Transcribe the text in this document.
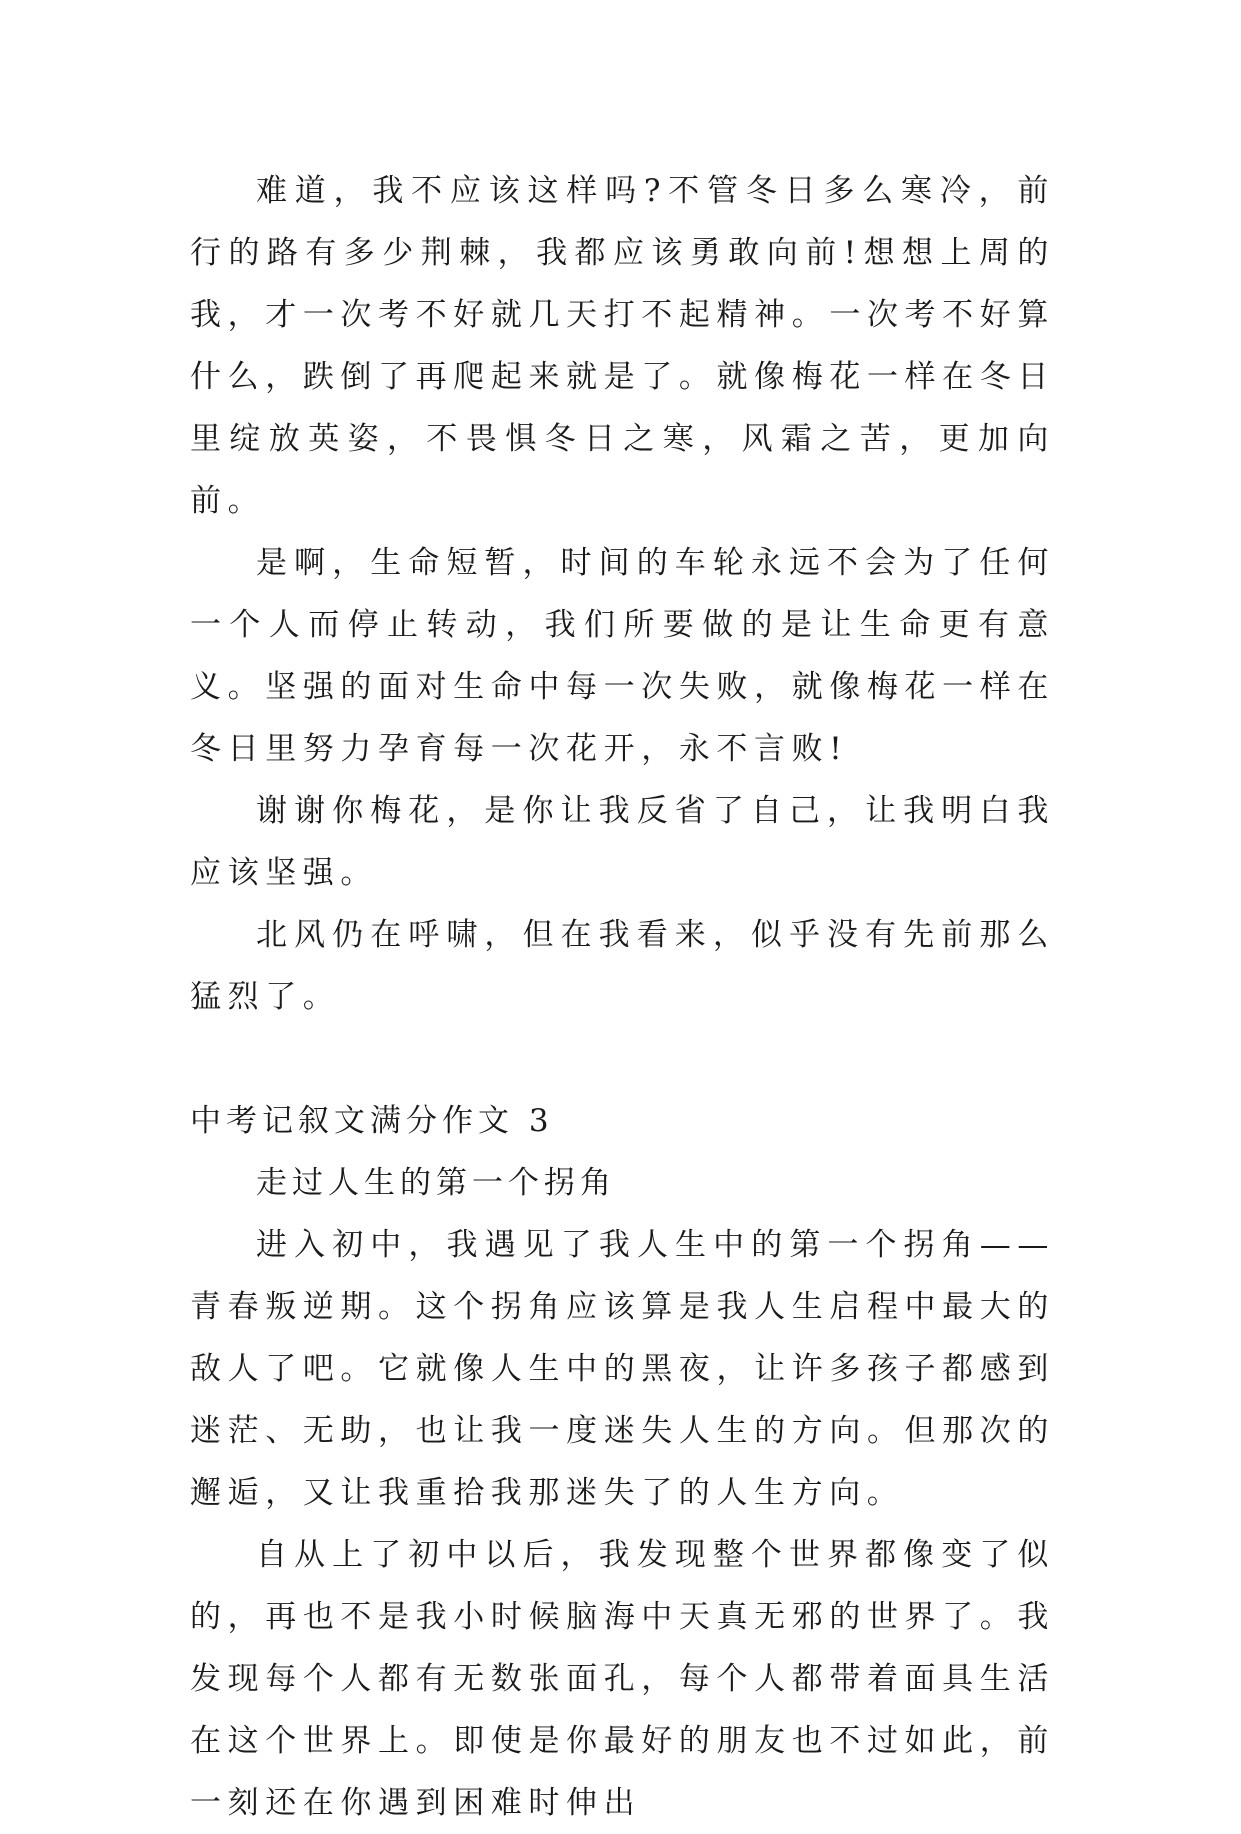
难道，我不应该这样吗?不管冬日多么寒冷，前行的路有多少荆棘，我都应该勇敢向前!想想上周的我，才一次考不好就几天打不起精神。一次考不好算什么，跌倒了再爬起来就是了。就像梅花一样在冬日里绽放英姿，不畏惧冬日之寒，风霜之苦，更加向前。

是啊，生命短暂，时间的车轮永远不会为了任何一个人而停止转动，我们所要做的是让生命更有意义。坚强的面对生命中每一次失败，就像梅花一样在冬日里努力孕育每一次花开，永不言败!

谢谢你梅花，是你让我反省了自己，让我明白我应该坚强。

北风仍在呼啸，但在我看来，似乎没有先前那么猛烈了。

中考记叙文满分作文 3

走过人生的第一个拐角

进入初中，我遇见了我人生中的第一个拐角——青春叛逆期。这个拐角应该算是我人生启程中最大的敌人了吧。它就像人生中的黑夜，让许多孩子都感到迷茫、无助，也让我一度迷失人生的方向。但那次的邂逅，又让我重拾我那迷失了的人生方向。

自从上了初中以后，我发现整个世界都像变了似的，再也不是我小时候脑海中天真无邪的世界了。我发现每个人都有无数张面孔，每个人都带着面具生活在这个世界上。即使是你最好的朋友也不过如此，前一刻还在你遇到困难时伸出
